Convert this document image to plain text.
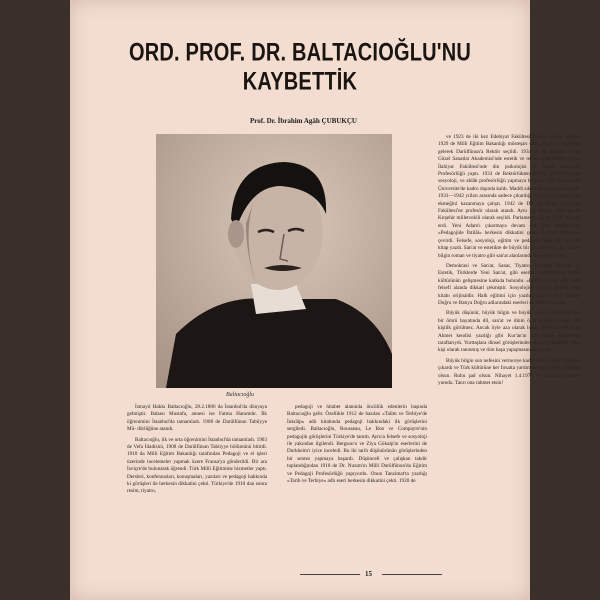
ORD. PROF. DR. BALTACIOĞLU'NU KAYBETTİK
Prof. Dr. İbrahim Agâh ÇUBUKÇU
Baltacıoğlu

İsmayıl Hakkı Baltacıoğlu, 28.2.1886 da İstanbul'da dünyaya gelmiştir. Babası Mustafa, annesi ise Fatma Hanımdır. İlk öğrenimini İstanbul'da tamamladı. 1908 de Darülfünun Tabiiyye Mü- dürlüğüne atandı.

Baltacıoğlu, ilk ve orta öğrenimini İstanbul'da tamamladı. 1903 de Vefa İdadisini, 1908 de Darülfünun Tabiiyye bölümünü bitirdi. 1910 da Milli Eğitim Bakanlığı tarafından Pedagoji ve el işleri üzerinde incelemeler yapmak üzere Fransa'ya gönderildi. Bir ara İsviçre'de bulunarak öğrendi. Türk Milli Eğitimine hizmetler yaptı. Dersleri, konferansları, konuşmaları, yazıları ve pedagoji hakkında ki görüşleri ile herkesin dikkatini çekti. Türkiye'de 1910 dan sonra resim, tiyatro,

pedagoji ve hitabet alanında öncülük edenlerin başında Baltacıoğlu gelir. Özellikle 1912 de basılan «Talim ve Terbiye'de İnkılâp» adlı kitabında pedagoji hakkındaki ilk görüşlerini sergiledi. Baltacıoğlu, Rousseau, Le Bon ve Compayre'nin pedagojik görüşlerini Türkiye'de tanıttı. Ayrıca felsefe ve sosyoloji ile yakından ilgilendi. Bergson'u ve Ziya Gökalp'in eserlerini de Durkheim'ı iyice inceledi. Bu iki tarih düşünürünün görüşlerinden bir sentez yapmaya başardı. Düşünceli ve çalışkan takdir toplandığından 1918 de Dr. Nuzım'ın Milli Darülfünun'da Eğitim ve Pedagoji Profesörlüğü yapıyordu. Onun Tanzimat'ta yazdığı «Tarih ve Terbiye» adlı eseri herkesin dikkatini çekti. 1920 de

ve 1923 de iki kez Edebiyat Fakültesi Dekanı olarak seçildi. 1929 de Milli Eğitim Bakanlığı müsteşarı oldu. Aynı yıl İstanbula gelerek Darülfünun'a Rektör seçildi. 1934 de ek görevli olarak Güzel Sanatlar Akademisi'nde estetik ve resim öğretmenliği yaptı. İlahiyat Fakültesi'nde din psikolojisi ve İslam Edebiyatı Profesörlüğü yaptı. 1933 de Rektörlükten ayrıldı. Darülfünun'da sosyoloji, ve ahlâk profesörlüğü yapmaya başladı. 1933 de kurulan Üniversite'de kadro dışında kaldı. Maddi sıkıntılar çekmeye başladı. 1933—1942 yılları arasında sadece çıkardığı Yeni Adam Dergisi ile ekmeğini kazanmaya çalıştı. 1942 de Dil ve Tarih—Coğrafya Fakültesi'ne profesör olarak atandı. Aynı yıl Afyon, 1946 da da Kırşehir milletvekili olarak seçildi. Parlamento hayatı 1950 de sona erdi. Yeni Adam'ı çıkarmaya devam etti. Son eserlerinden «Pedagojide İhtilâl» herkesin dikkatini çekti. Kur'an'ı Türkçeye çevirdi. Felsefe, sosyoloji, eğitim ve pedagoji hakkında bir çok kitap yazdı. San'at ve estetikte de büyük bir hizmeti oldu. Bu büyük bilgin roman ve tiyatro gibi san'at alanlarında da eserler verdi.

Demokrasi ve San'at, Sanat, Tiyatro, Karagöz Tekniği ve Estetik, Türklerde Yeni San'at, gibi eserleri yurdumuzda san'at kültürünün gelişmesine katkıda bulundu. «Kalbin Gözü» adlı eseri felsefi alanda dikkati çekmiştir. Sosyolojide İçtimai Mektep adlı kitabı orijinaldir. Halk eğitimi için yazdığı Halkın Evi, Türkçe Doğru ve Batıya Doğru adlarındaki eserleri sevilerek okundu.

Büyük düşünür, büyük bilgin ve büyük insan Baltacıoğlu'nun bir ömrü hayatında dil, san'at ve dinin öyle uyumlu olduğu bir kişilik görülmez. Ancak öyle aza olarak hesap edilirken dönemin Ahmet kendisi yazdığı gibi Kur'an'ın ana diline çevrilmesi taraftarıydı. Yurttaşlara dinsel görüşlerinden dolayı muhalefet eden kişi olarak tanınmış ve tüm başa yapışmasına karşı idi.

Büyük bilgin son nefesini verinceye kadar Yeni Adam Dergisini çıkardı ve Türk kültürüne her fırsatta yardım etmeye çalıştı. Rahmet olsun. Ruhu şad olsun. Nihayet 1.4.1978 de hayata gözlerini yumdu. Tanrı ona rahmet etsin!

15
